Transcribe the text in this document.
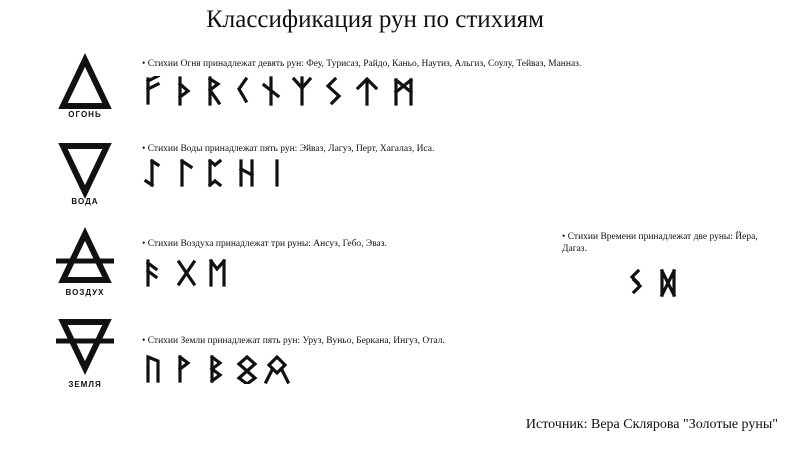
Классификация рун по стихиям
ОГОНЬ
• Стихии Огня принадлежат девять рун: Феу, Турисаз, Райдо, Каньо, Наутиз, Альгиз, Соулу, Тейваз, Манназ.
ВОДА
• Стихии Воды принадлежат пять рун: Эйваз, Лагуз, Перт, Хагалаз, Иса.
ВОЗДУХ
• Стихии Воздуха принадлежат три руны: Ансуз, Гебо, Эваз.
ЗЕМЛЯ
• Стихии Земли принадлежат пять рун: Уруз, Вуньо, Беркана, Ингуз, Отал.
• Стихии Времени принадлежат две руны: Йера, Дагаз.
Источник: Вера Склярова "Золотые руны"
